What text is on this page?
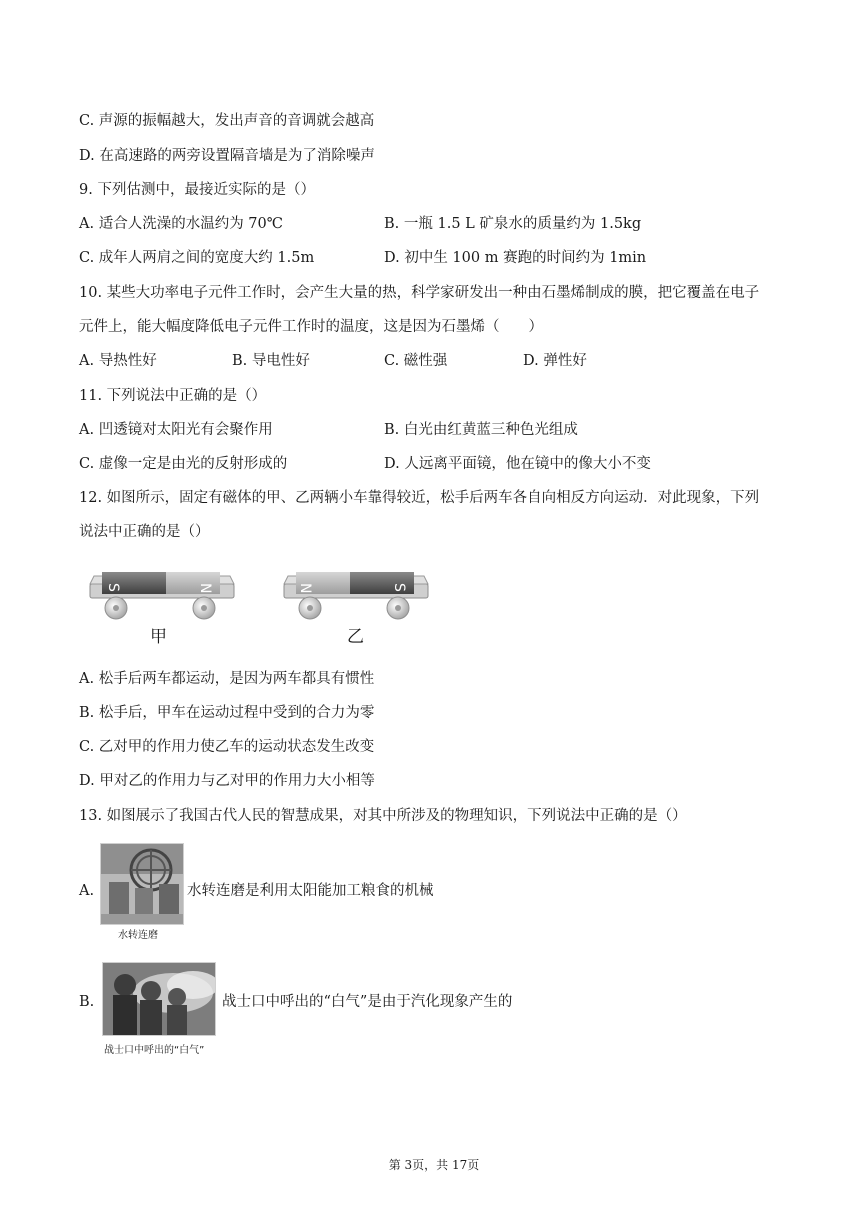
C. 声源的振幅越大，发出声音的音调就会越高
D. 在高速路的两旁设置隔音墙是为了消除噪声
9. 下列估测中，最接近实际的是（）
A. 适合人洗澡的水温约为 70℃	B. 一瓶 1.5 L 矿泉水的质量约为 1.5kg
C. 成年人两肩之间的宽度大约 1.5m	D. 初中生 100 m 赛跑的时间约为 1min
10. 某些大功率电子元件工作时，会产生大量的热，科学家研发出一种由石墨烯制成的膜，把它覆盖在电子
元件上，能大幅度降低电子元件工作时的温度，这是因为石墨烯（　　）
A. 导热性好	B. 导电性好	C. 磁性强	D. 弹性好
11. 下列说法中正确的是（）
A. 凹透镜对太阳光有会聚作用	B. 白光由红黄蓝三种色光组成
C. 虚像一定是由光的反射形成的	D. 人远离平面镜，他在镜中的像大小不变
12. 如图所示，固定有磁体的甲、乙两辆小车靠得较近，松手后两车各自向相反方向运动．对此现象，下列
说法中正确的是（）
S	N
甲
N	S
乙
A. 松手后两车都运动，是因为两车都具有惯性
B. 松手后，甲车在运动过程中受到的合力为零
C. 乙对甲的作用力使乙车的运动状态发生改变
D. 甲对乙的作用力与乙对甲的作用力大小相等
13. 如图展示了我国古代人民的智慧成果，对其中所涉及的物理知识，下列说法中正确的是（）
A.
水转连磨
水转连磨是利用太阳能加工粮食的机械
B.
战士口中呼出的“白气”
战士口中呼出的“白气”是由于汽化现象产生的
第 3页，共 17页
